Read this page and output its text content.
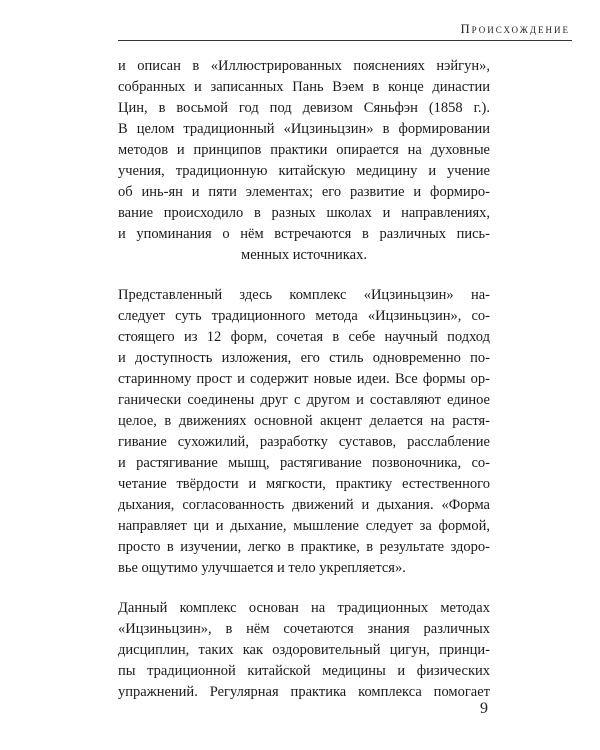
Происхождение
и описан в «Иллюстрированных пояснениях нэйгун»,
собранных и записанных Пань Вэем в конце династии
Цин, в восьмой год под девизом Сяньфэн (1858 г.).
В целом традиционный «Ицзиньцзин» в формировании
методов и принципов практики опирается на духовные
учения, традиционную китайскую медицину и учение
об инь-ян и пяти элементах; его развитие и формиро-
вание происходило в разных школах и направлениях,
и упоминания о нём встречаются в различных пись-
менных источниках.
Представленный здесь комплекс «Ицзиньцзин» на-
следует суть традиционного метода «Ицзиньцзин», со-
стоящего из 12 форм, сочетая в себе научный подход
и доступность изложения, его стиль одновременно по-
старинному прост и содержит новые идеи. Все формы ор-
ганически соединены друг с другом и составляют единое
целое, в движениях основной акцент делается на растя-
гивание сухожилий, разработку суставов, расслабление
и растягивание мышц, растягивание позвоночника, со-
четание твёрдости и мягкости, практику естественного
дыхания, согласованность движений и дыхания. «Форма
направляет ци и дыхание, мышление следует за формой,
просто в изучении, легко в практике, в результате здоро-
вье ощутимо улучшается и тело укрепляется».
Данный комплекс основан на традиционных методах
«Ицзиньцзин», в нём сочетаются знания различных
дисциплин, таких как оздоровительный цигун, принци-
пы традиционной китайской медицины и физических
упражнений. Регулярная практика комплекса помогает
9
